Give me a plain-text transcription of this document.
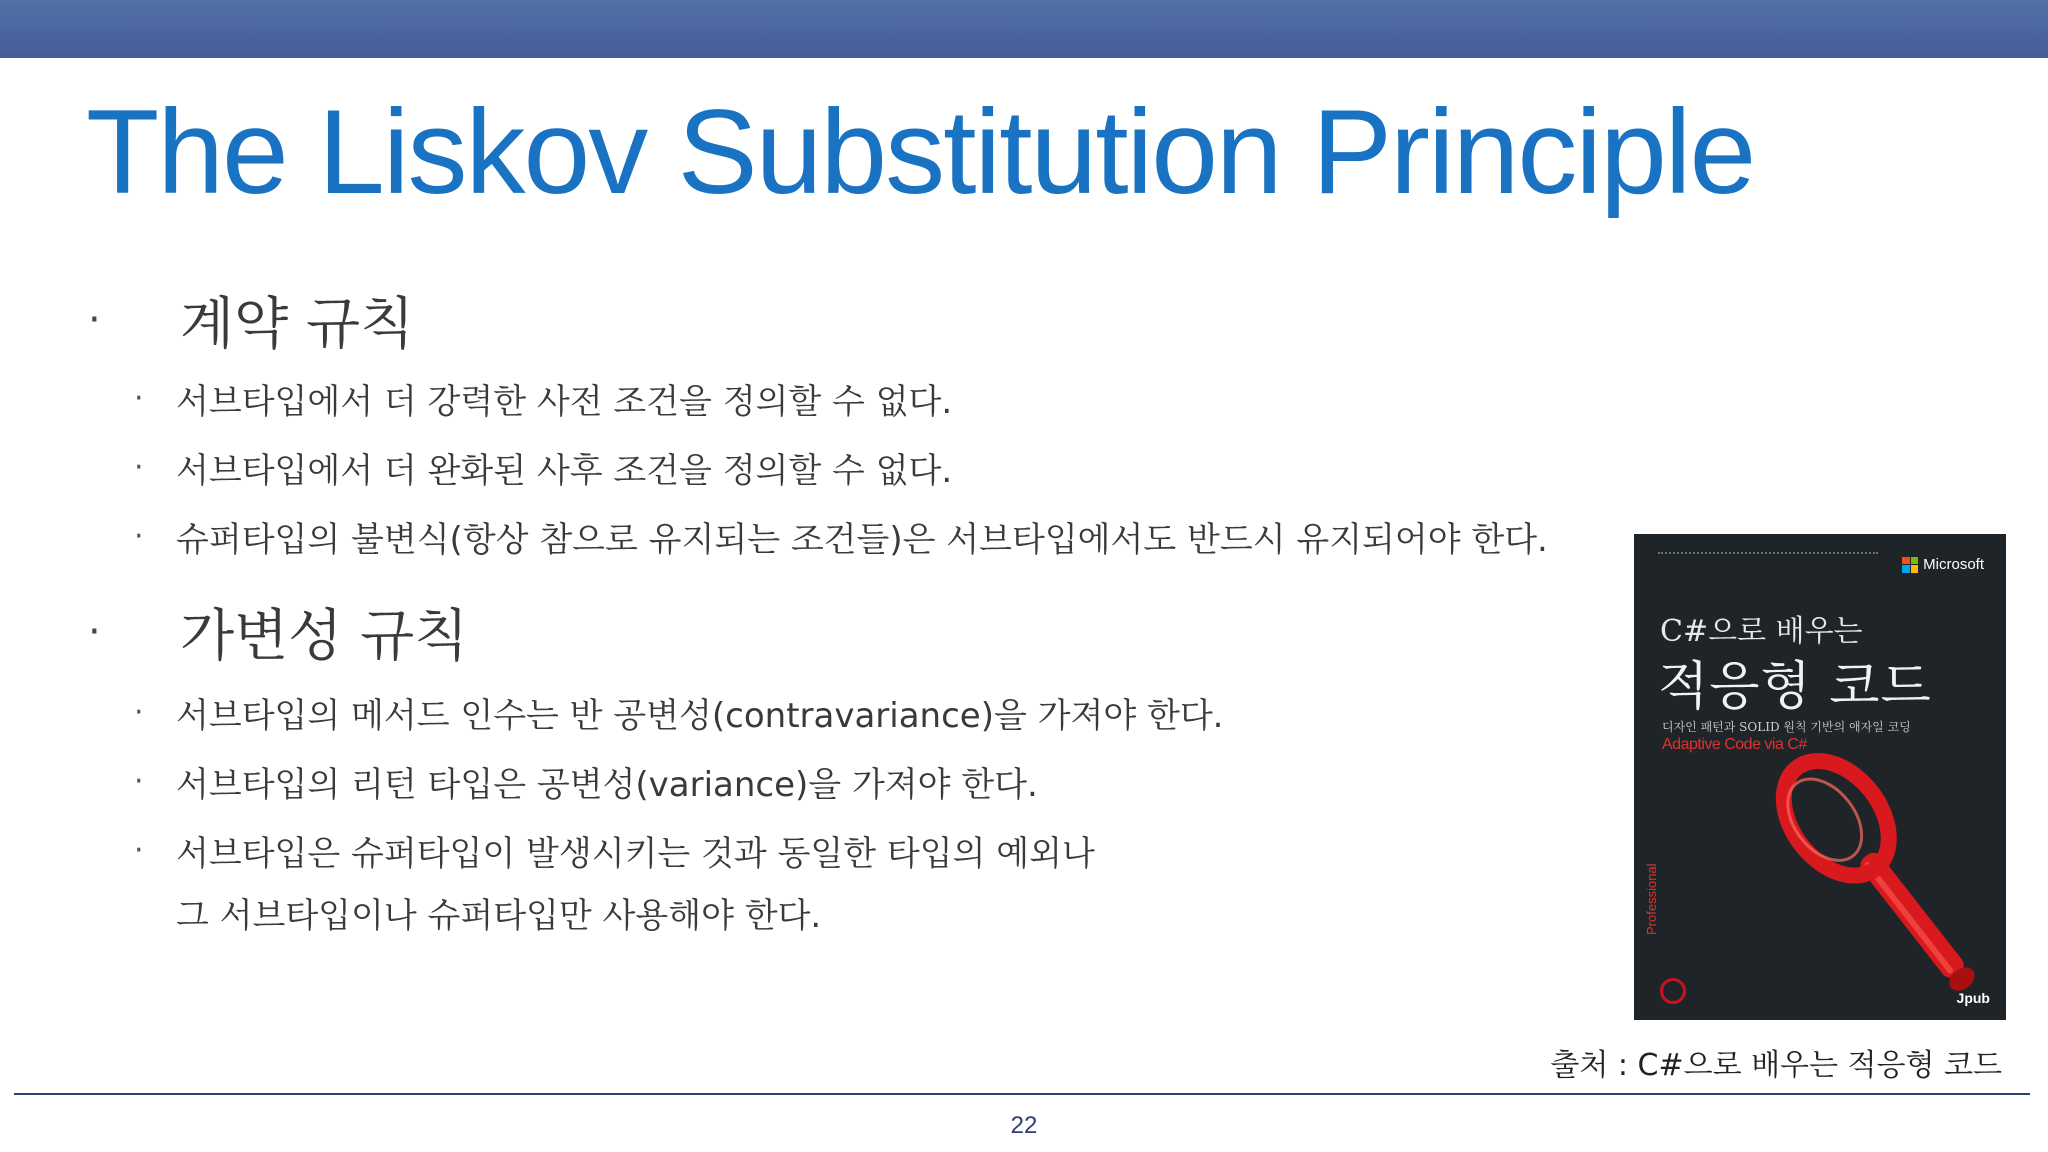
The Liskov Substitution Principle
·	계약 규칙
· 서브타입에서 더 강력한 사전 조건을 정의할 수 없다.
· 서브타입에서 더 완화된 사후 조건을 정의할 수 없다.
· 슈퍼타입의 불변식(항상 참으로 유지되는 조건들)은 서브타입에서도 반드시 유지되어야 한다.
·	가변성 규칙
· 서브타입의 메서드 인수는 반 공변성(contravariance)을 가져야 한다.
· 서브타입의 리턴 타입은 공변성(variance)을 가져야 한다.
· 서브타입은 슈퍼타입이 발생시키는 것과 동일한 타입의 예외나
그 서브타입이나 슈퍼타입만 사용해야 한다.
Microsoft
C#으로 배우는
적응형 코드
디자인 패턴과 SOLID 원칙 기반의 애자일 코딩
Adaptive Code via C#
Professional
Jpub
출처 : C#으로 배우는 적응형 코드
22
